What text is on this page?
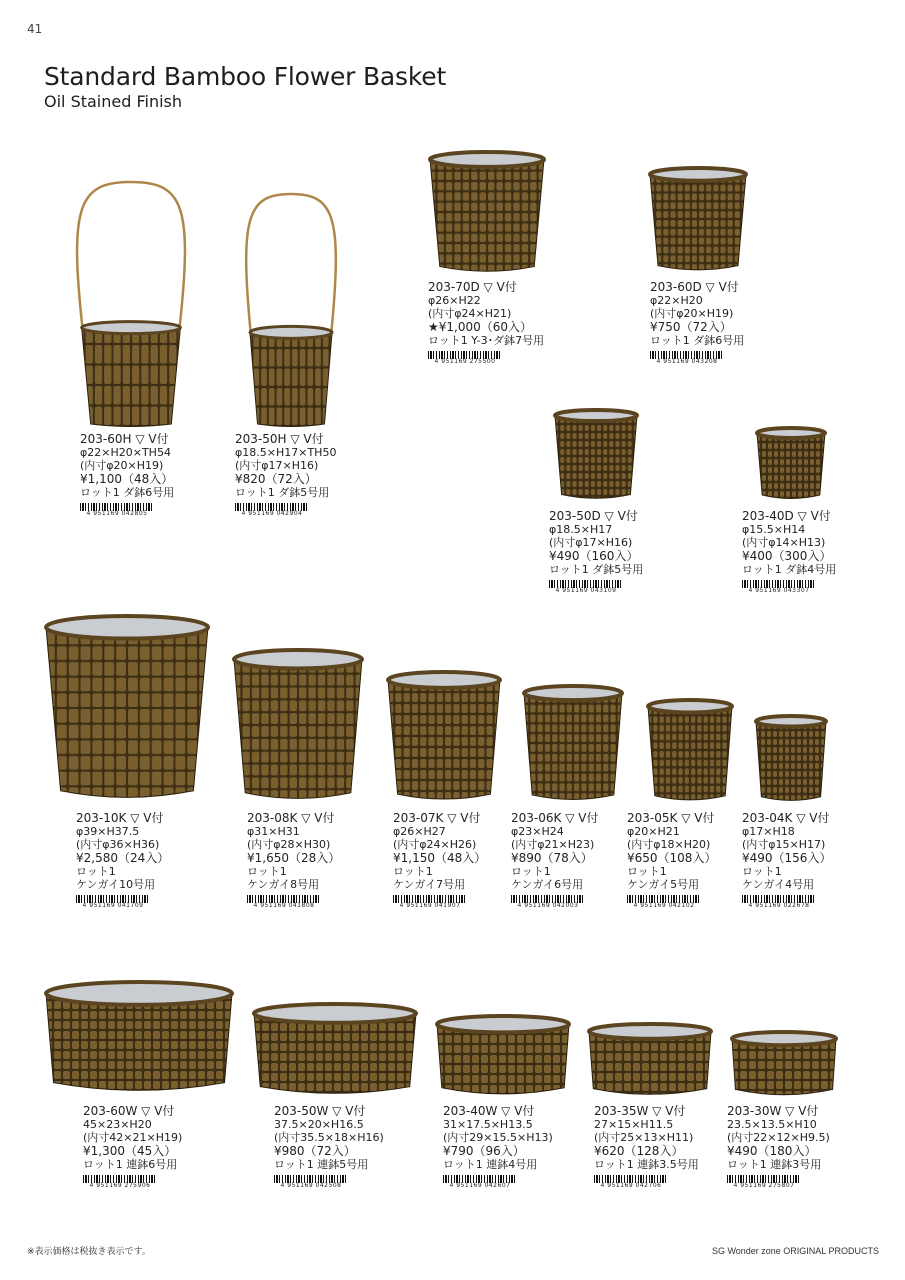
41
Standard Bamboo Flower Basket
Oil Stained Finish
203-60H ▽ V付
φ22×H20×TH54
(内寸φ20×H19)
¥1,100（48入）
ロット1 ダ鉢6号用
4 951169 042805
203-50H ▽ V付
φ18.5×H17×TH50
(内寸φ17×H16)
¥820（72入）
ロット1 ダ鉢5号用
4 951169 042904
203-70D ▽ V付
φ26×H22
(内寸φ24×H21)
★¥1,000（60入）
ロット1 Y-3･ダ鉢7号用
4 951169 275500
203-60D ▽ V付
φ22×H20
(内寸φ20×H19)
¥750（72入）
ロット1 ダ鉢6号用
4 951169 043208
203-50D ▽ V付
φ18.5×H17
(内寸φ17×H16)
¥490（160入）
ロット1 ダ鉢5号用
4 951169 043109
203-40D ▽ V付
φ15.5×H14
(内寸φ14×H13)
¥400（300入）
ロット1 ダ鉢4号用
4 951169 043307
203-10K ▽ V付
φ39×H37.5
(内寸φ36×H36)
¥2,580（24入）
ロット1
ケンガイ10号用
4 951169 041709
203-08K ▽ V付
φ31×H31
(内寸φ28×H30)
¥1,650（28入）
ロット1
ケンガイ8号用
4 951169 041808
203-07K ▽ V付
φ26×H27
(内寸φ24×H26)
¥1,150（48入）
ロット1
ケンガイ7号用
4 951169 041907
203-06K ▽ V付
φ23×H24
(内寸φ21×H23)
¥890（78入）
ロット1
ケンガイ6号用
4 951169 042003
203-05K ▽ V付
φ20×H21
(内寸φ18×H20)
¥650（108入）
ロット1
ケンガイ5号用
4 951169 042102
203-04K ▽ V付
φ17×H18
(内寸φ15×H17)
¥490（156入）
ロット1
ケンガイ4号用
4 951169 022678
203-60W ▽ V付
45×23×H20
(内寸42×21×H19)
¥1,300（45入）
ロット1 連鉢6号用
4 951169 275906
203-50W ▽ V付
37.5×20×H16.5
(内寸35.5×18×H16)
¥980（72入）
ロット1 連鉢5号用
4 951169 042508
203-40W ▽ V付
31×17.5×H13.5
(内寸29×15.5×H13)
¥790（96入）
ロット1 連鉢4号用
4 951169 042607
203-35W ▽ V付
27×15×H11.5
(内寸25×13×H11)
¥620（128入）
ロット1 連鉢3.5号用
4 951169 042706
203-30W ▽ V付
23.5×13.5×H10
(内寸22×12×H9.5)
¥490（180入）
ロット1 連鉢3号用
4 951169 275807
※表示価格は税抜き表示です。	SG Wonder zone ORIGINAL PRODUCTS
